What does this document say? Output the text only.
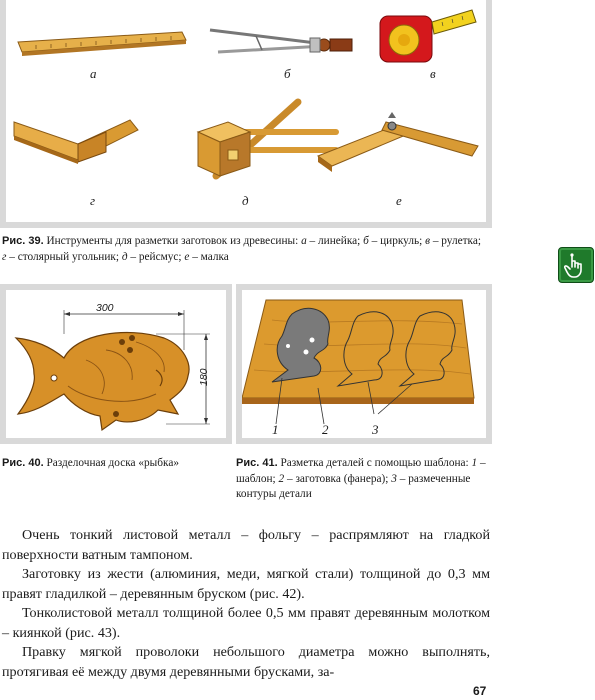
а	б	в
г	д	е
Рис. 39. Инструменты для разметки заготовок из древесины: а – линейка; б – циркуль; в – рулетка; г – столярный угольник; д – рейсмус; е – малка
300
180
Рис. 40. Разделочная доска «рыбка»
1	2	3
Рис. 41. Разметка деталей с помощью шаблона: 1 – шаблон; 2 – заготовка (фанера); 3 – размеченные контуры детали

Очень тонкий листовой металл – фольгу – распрямляют на гладкой поверхности ватным тампоном.

Заготовку из жести (алюминия, меди, мягкой стали) толщиной до 0,3 мм правят гладилкой – деревянным бруском (рис. 42).

Тонколистовой металл толщиной более 0,5 мм правят деревянным молотком – киянкой (рис. 43).

Правку мягкой проволоки небольшого диаметра можно выполнять, протягивая её между двумя деревянными брусками, за-

67
